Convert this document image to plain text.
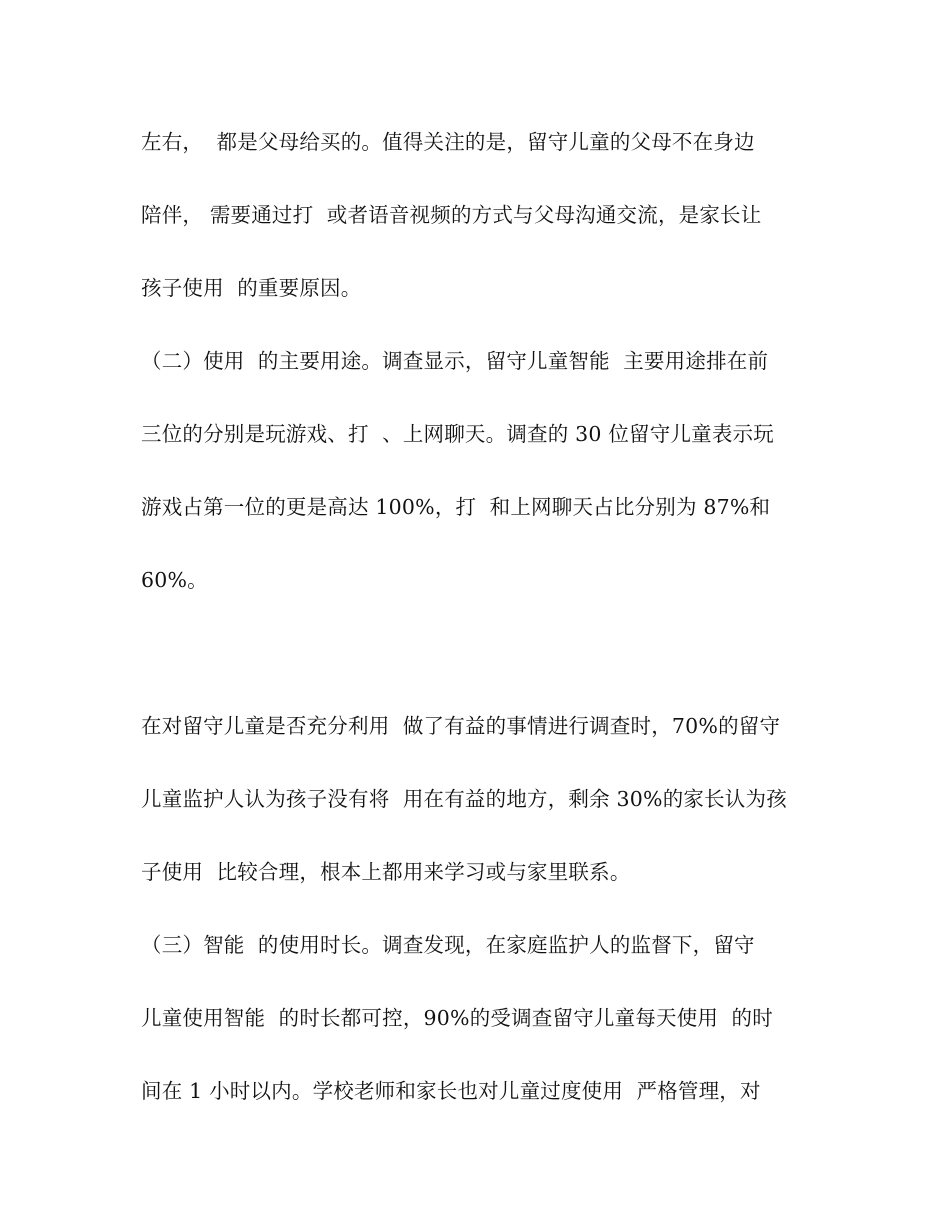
左右，  都是父母给买的。值得关注的是，留守儿童的父母不在身边
陪伴， 需要通过打  或者语音视频的方式与父母沟通交流，是家长让
孩子使用  的重要原因。
（二）使用  的主要用途。调查显示，留守儿童智能  主要用途排在前
三位的分别是玩游戏、打  、上网聊天。调查的 30 位留守儿童表示玩
游戏占第一位的更是高达 100%，打  和上网聊天占比分别为 87%和
60%。
在对留守儿童是否充分利用  做了有益的事情进行调查时，70%的留守
儿童监护人认为孩子没有将  用在有益的地方，剩余 30%的家长认为孩
子使用  比较合理，根本上都用来学习或与家里联系。
（三）智能  的使用时长。调查发现，在家庭监护人的监督下，留守
儿童使用智能  的时长都可控，90%的受调查留守儿童每天使用  的时
间在 1 小时以内。学校老师和家长也对儿童过度使用  严格管理，对
